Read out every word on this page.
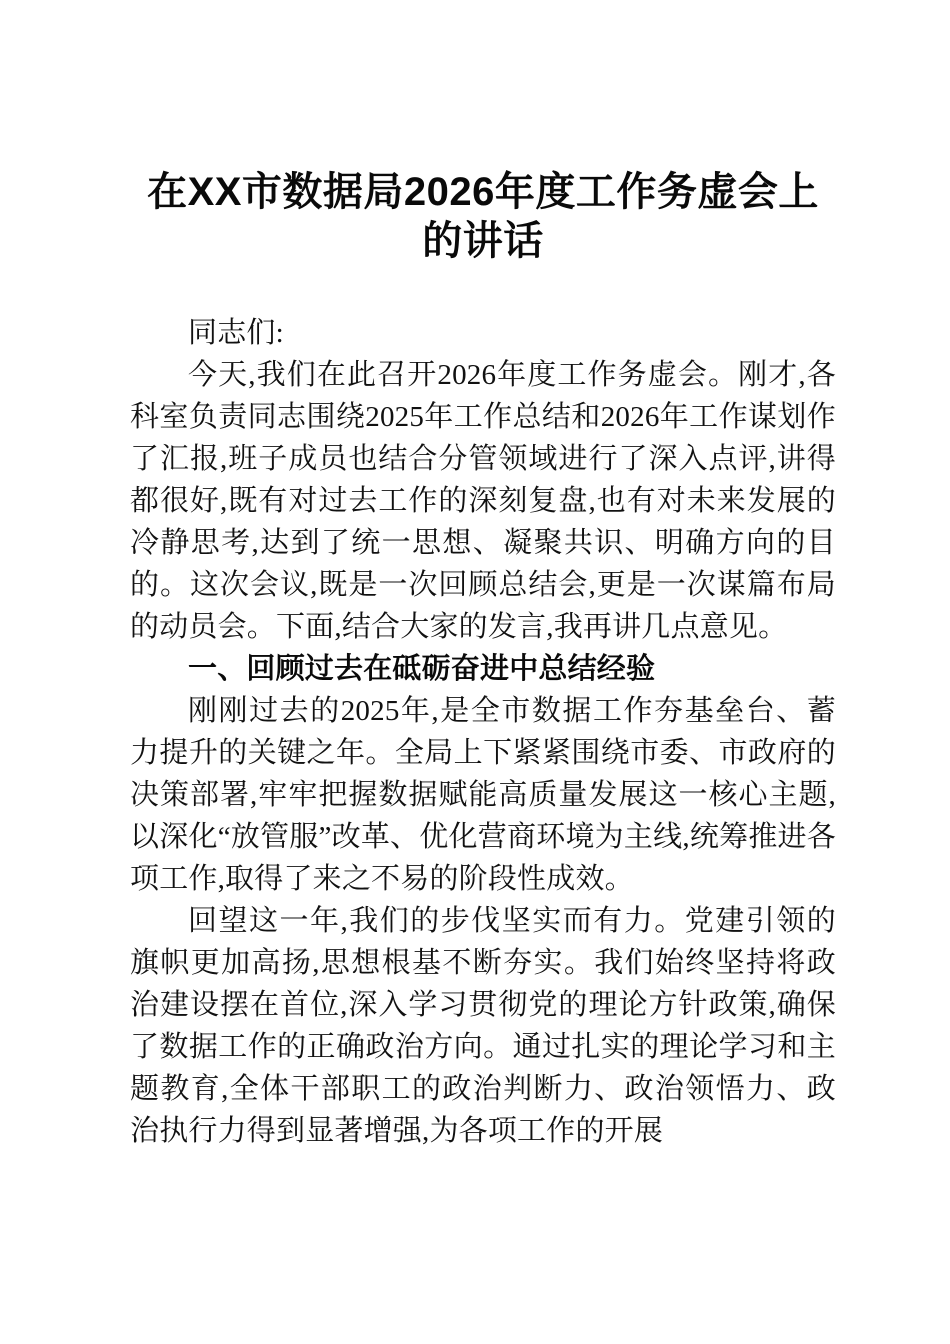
在XX市数据局2026年度工作务虚会上的讲话

同志们:

今天,我们在此召开2026年度工作务虚会。刚才,各科室负责同志围绕2025年工作总结和2026年工作谋划作了汇报,班子成员也结合分管领域进行了深入点评,讲得都很好,既有对过去工作的深刻复盘,也有对未来发展的冷静思考,达到了统一思想、凝聚共识、明确方向的目的。这次会议,既是一次回顾总结会,更是一次谋篇布局的动员会。下面,结合大家的发言,我再讲几点意见。

一、回顾过去在砥砺奋进中总结经验

刚刚过去的2025年,是全市数据工作夯基垒台、蓄力提升的关键之年。全局上下紧紧围绕市委、市政府的决策部署,牢牢把握数据赋能高质量发展这一核心主题,以深化“放管服”改革、优化营商环境为主线,统筹推进各项工作,取得了来之不易的阶段性成效。

回望这一年,我们的步伐坚实而有力。党建引领的旗帜更加高扬,思想根基不断夯实。我们始终坚持将政治建设摆在首位,深入学习贯彻党的理论方针政策,确保了数据工作的正确政治方向。通过扎实的理论学习和主题教育,全体干部职工的政治判断力、政治领悟力、政治执行力得到显著增强,为各项工作的开展
